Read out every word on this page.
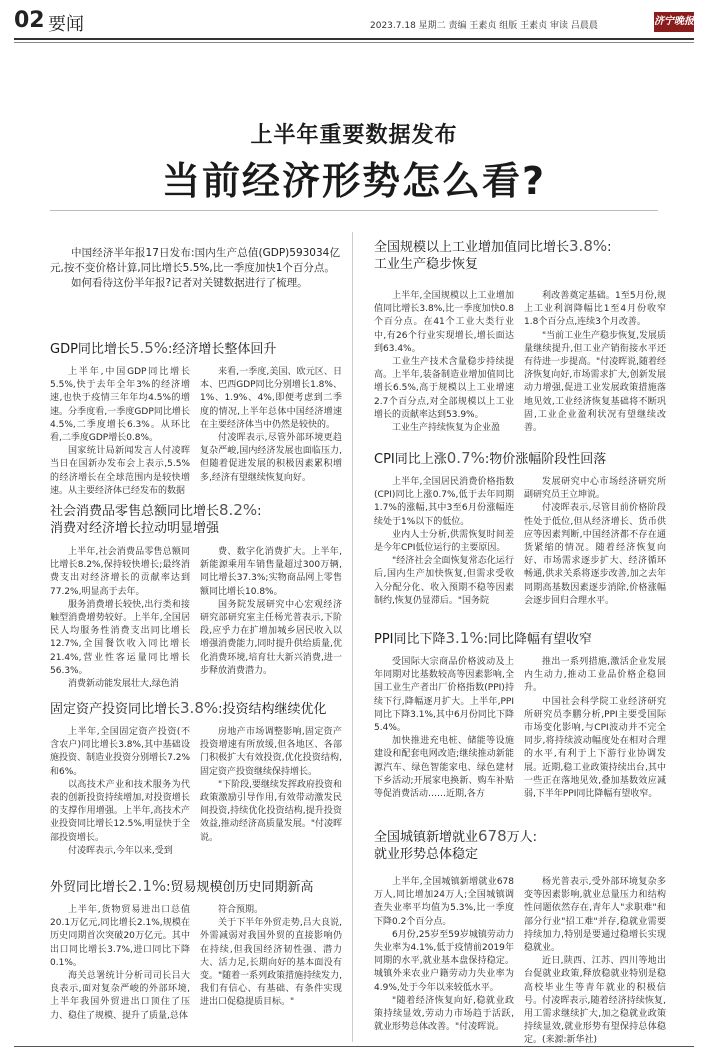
02 要闻	2023.7.18 星期二 责编 王素贞 组版 王素贞 审读 吕晨晨	济宁晚报
上半年重要数据发布
当前经济形势怎么看?

中国经济半年报17日发布:国内生产总值(GDP)593034亿元,按不变价格计算,同比增长5.5%,比一季度加快1个百分点。

如何看待这份半年报?记者对关键数据进行了梳理。

GDP同比增长5.5%:经济增长整体回升

上半年,中国GDP同比增长5.5%,快于去年全年3%的经济增速,也快于疫情三年年均4.5%的增速。分季度看,一季度GDP同比增长4.5%,二季度增长6.3%。从环比看,二季度GDP增长0.8%。

国家统计局新闻发言人付凌晖当日在国新办发布会上表示,5.5%的经济增长在全球范围内是较快增速。从主要经济体已经发布的数据

来看,一季度,美国、欧元区、日本、巴西GDP同比分别增长1.8%、1%、1.9%、4%,即便考虑到二季度的情况,上半年总体中国经济增速在主要经济体当中仍然是较快的。

付凌晖表示,尽管外部环境更趋复杂严峻,国内经济发展也面临压力,但随着促进发展的积极因素累积增多,经济有望继续恢复向好。

社会消费品零售总额同比增长8.2%:
消费对经济增长拉动明显增强

上半年,社会消费品零售总额同比增长8.2%,保持较快增长;最终消费支出对经济增长的贡献率达到77.2%,明显高于去年。

服务消费增长较快,出行类和接触型消费增势较好。上半年,全国居民人均服务性消费支出同比增长12.7%,全国餐饮收入同比增长21.4%,营业性客运量同比增长56.3%。

消费新动能发展壮大,绿色消

费、数字化消费扩大。上半年,新能源乘用车销售量超过300万辆,同比增长37.3%;实物商品网上零售额同比增长10.8%。

国务院发展研究中心宏观经济研究部研究室主任杨光普表示,下阶段,应乎力在扩增加城乡居民收入以增强消费能力,同时提升供给质量,优化消费环境,培育壮大新兴消费,进一步释放消费潜力。

固定资产投资同比增长3.8%:投资结构继续优化

上半年,全国固定资产投资(不含农户)同比增长3.8%,其中基础设施投资、制造业投资分别增长7.2%和6%。

以高技术产业和技术服务为代表的创新投资持续增加,对投资增长的支撑作用增强。上半年,高技术产业投资同比增长12.5%,明显快于全部投资增长。

付凌晖表示,今年以来,受到

房地产市场调整影响,固定资产投资增速有所放缓,但各地区、各部门积极扩大有效投资,优化投资结构,固定资产投资继续保持增长。

"下阶段,要继续发挥政府投资和政策激励引导作用,有效带动激发民间投资,持续优化投资结构,提升投资效益,推动经济高质量发展。"付凌晖说。

外贸同比增长2.1%:贸易规模创历史同期新高

上半年,货物贸易进出口总值20.1万亿元,同比增长2.1%,规模在历史同期首次突破20万亿元。其中出口同比增长3.7%,进口同比下降0.1%。

海关总署统计分析司司长吕大良表示,面对复杂严峻的外部环境,上半年我国外贸进出口顶住了压力、稳住了规模、提升了质量,总体

符合预期。

关于下半年外贸走势,吕大良说,外需减弱对我国外贸的直接影响仍在持续,但我国经济韧性强、潜力大、活力足,长期向好的基本面没有变。"随着一系列政策措施持续发力,我们有信心、有基础、有条件实现进出口促稳提质目标。"

全国规模以上工业增加值同比增长3.8%:
工业生产稳步恢复

上半年,全国规模以上工业增加值同比增长3.8%,比一季度加快0.8个百分点。在41个工业大类行业中,有26个行业实现增长,增长面达到63.4%。

工业生产技术含量稳步持续提高。上半年,装备制造业增加值同比增长6.5%,高于规模以上工业增速2.7个百分点,对全部规模以上工业增长的贡献率达到53.9%。

工业生产持续恢复为企业盈

利改善奠定基础。1至5月份,规上工业利润降幅比1至4月份收窄1.8个百分点,连续3个月改善。

"当前工业生产稳步恢复,发展质量继续提升,但工业产销衔接水平还有待进一步提高。"付凌晖说,随着经济恢复向好,市场需求扩大,创新发展动力增强,促进工业发展政策措施落地见效,工业经济恢复基础将不断巩固,工业企业盈利状况有望继续改善。

CPI同比上涨0.7%:物价涨幅阶段性回落

上半年,全国居民消费价格指数(CPI)同比上涨0.7%,低于去年同期1.7%的涨幅,其中3至6月份涨幅连续处于1%以下的低位。

业内人士分析,供需恢复时间差是今年CPI低位运行的主要原因。

"经济社会全面恢复常态化运行后,国内生产加快恢复,但需求受收入分配分化、收入预期不稳等因素制约,恢复仍显滞后。"国务院

发展研究中心市场经济研究所副研究员王立坤说。

付凌晖表示,尽管目前价格阶段性处于低位,但从经济增长、货币供应等因素判断,中国经济都不存在通货紧缩的情况。随着经济恢复向好、市场需求逐步扩大、经济循环畅通,供求关系将逐步改善,加之去年同期高基数因素逐步消除,价格涨幅会逐步回归合理水平。

PPI同比下降3.1%:同比降幅有望收窄

受国际大宗商品价格波动及上年同期对比基数较高等因素影响,全国工业生产者出厂价格指数(PPI)持续下行,降幅逐月扩大。上半年,PPI同比下降3.1%,其中6月份同比下降5.4%。

加快推进充电桩、储能等设施建设和配套电网改造;继续推动新能源汽车、绿色智能家电、绿色建材下乡活动;开展家电换新、购车补贴等促消费活动……近期,各方

推出一系列措施,激活企业发展内生动力,推动工业品价格企稳回升。

中国社会科学院工业经济研究所研究员李鹏分析,PPI主要受国际市场变化影响,与CPI波动并不完全同步,将持续波动幅度处在相对合理的水平,有利于上下游行业协调发展。近期,稳工业政策持续出台,其中一些正在落地见效,叠加基数效应减弱,下半年PPI同比降幅有望收窄。

全国城镇新增就业678万人:
就业形势总体稳定

上半年,全国城镇新增就业678万人,同比增加24万人;全国城镇调查失业率平均值为5.3%,比一季度下降0.2个百分点。

6月份,25岁至59岁城镇劳动力失业率为4.1%,低于疫情前2019年同期的水平,就业基本盘保持稳定。城镇外来农业户籍劳动力失业率为4.9%,处于今年以来较低水平。

"随着经济恢复向好,稳就业政策持续显效,劳动力市场趋于活跃,就业形势总体改善。"付凌晖说。

杨光普表示,受外部环境复杂多变等因素影响,就业总量压力和结构性问题依然存在,青年人"求职难"和部分行业"招工难"并存,稳就业需要持续加力,特别是要通过稳增长实现稳就业。

近日,陕西、江苏、四川等地出台促就业政策,释放稳就业特别是稳高校毕业生等青年就业的积极信号。付凌晖表示,随着经济持续恢复,用工需求继续扩大,加之稳就业政策持续显效,就业形势有望保持总体稳定。(来源:新华社)
